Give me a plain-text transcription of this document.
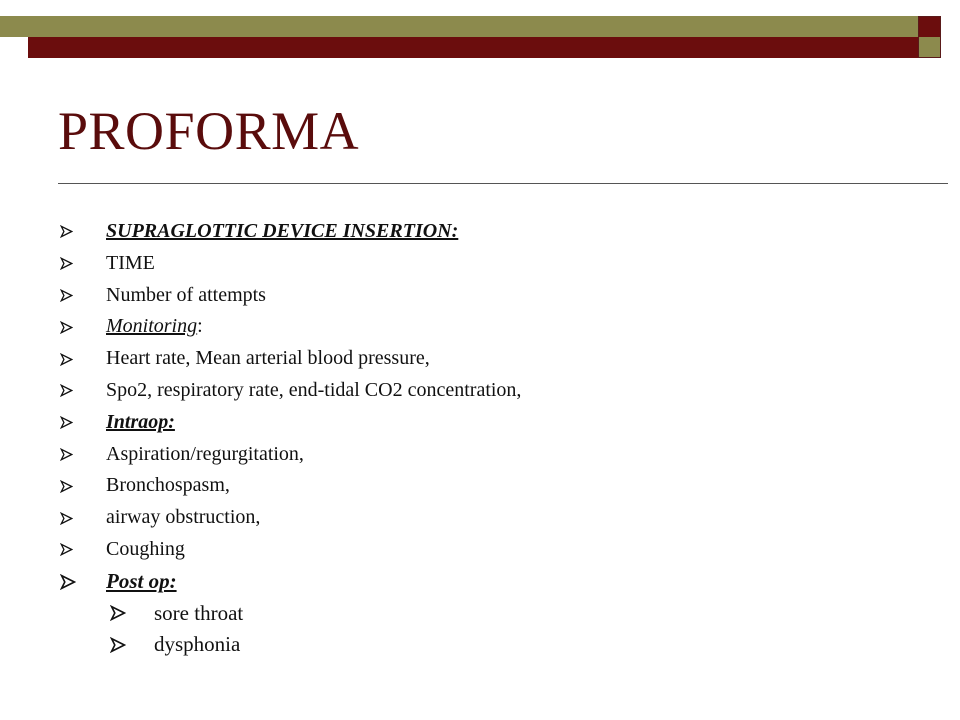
PROFORMA
SUPRAGLOTTIC DEVICE INSERTION:
TIME
Number of attempts
Monitoring:
Heart rate, Mean arterial blood pressure,
Spo2, respiratory rate, end-tidal CO2 concentration,
Intraop:
Aspiration/regurgitation,
Bronchospasm,
airway obstruction,
Coughing
Post op:
sore throat
dysphonia
